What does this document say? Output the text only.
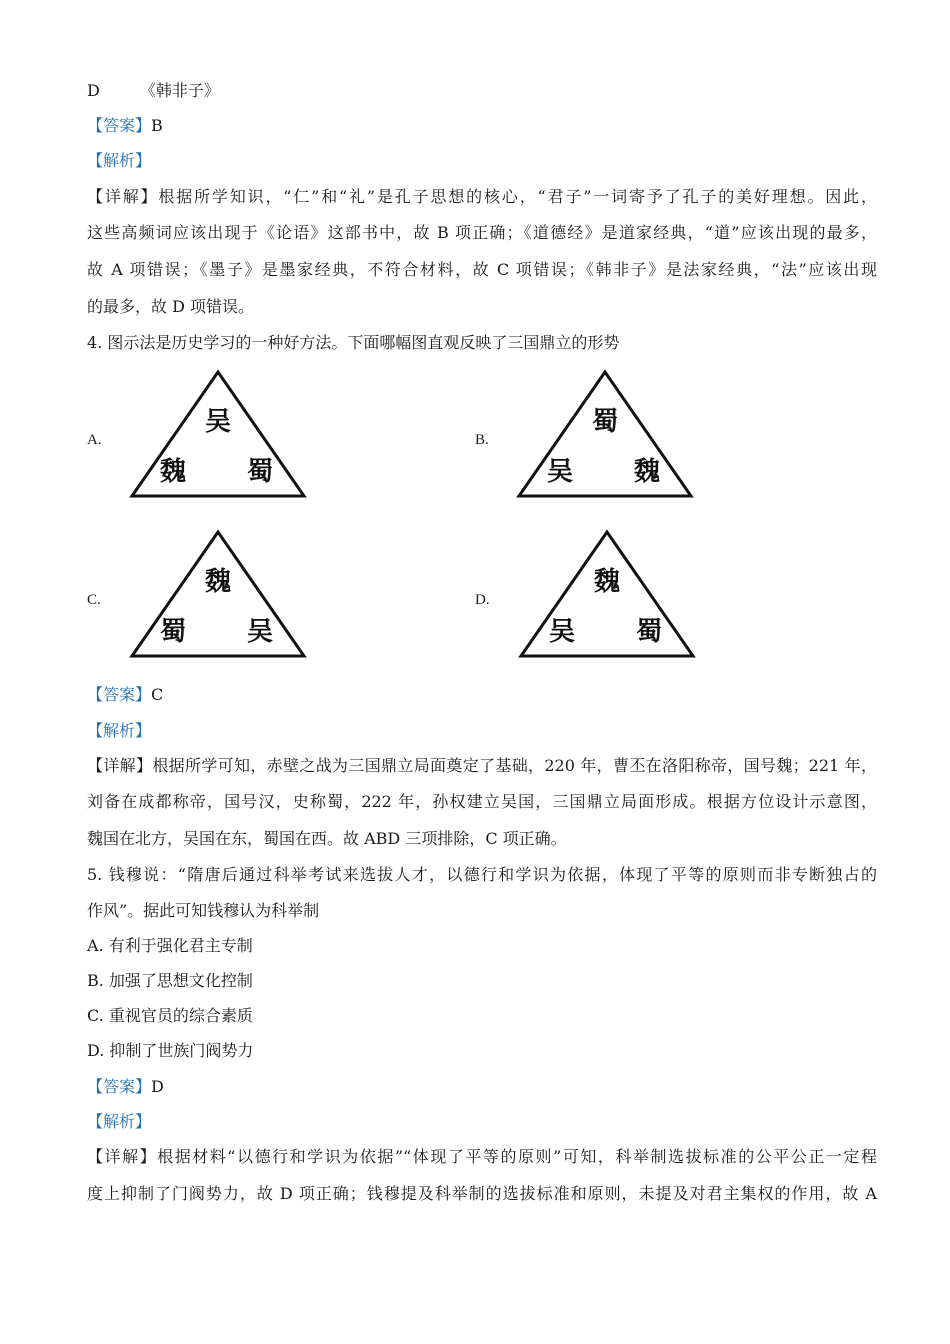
D	《韩非子》
【答案】B
【解析】
【详解】根据所学知识，“仁”和“礼”是孔子思想的核心，“君子”一词寄予了孔子的美好理想。因此，
这些高频词应该出现于《论语》这部书中，故 B 项正确；《道德经》是道家经典，“道”应该出现的最多，
故 A 项错误；《墨子》是墨家经典，不符合材料，故 C 项错误；《韩非子》是法家经典，“法”应该出现
的最多，故 D 项错误。
4. 图示法是历史学习的一种好方法。下面哪幅图直观反映了三国鼎立的形势
A.
吴
魏 蜀
B.
蜀
吴 魏
C.
魏
蜀 吴
D.
魏
吴 蜀
【答案】C
【解析】
【详解】根据所学可知，赤壁之战为三国鼎立局面奠定了基础，220 年，曹丕在洛阳称帝，国号魏；221 年，
刘备在成都称帝，国号汉，史称蜀，222 年，孙权建立吴国，三国鼎立局面形成。根据方位设计示意图，
魏国在北方，吴国在东，蜀国在西。故 ABD 三项排除，C 项正确。
5. 钱穆说：“隋唐后通过科举考试来选拔人才，以德行和学识为依据，体现了平等的原则而非专断独占的
作风”。据此可知钱穆认为科举制
A. 有利于强化君主专制
B. 加强了思想文化控制
C. 重视官员的综合素质
D. 抑制了世族门阀势力
【答案】D
【解析】
【详解】根据材料“以德行和学识为依据”“体现了平等的原则”可知，科举制选拔标准的公平公正一定程
度上抑制了门阀势力，故 D 项正确；钱穆提及科举制的选拔标准和原则，未提及对君主集权的作用，故 A
